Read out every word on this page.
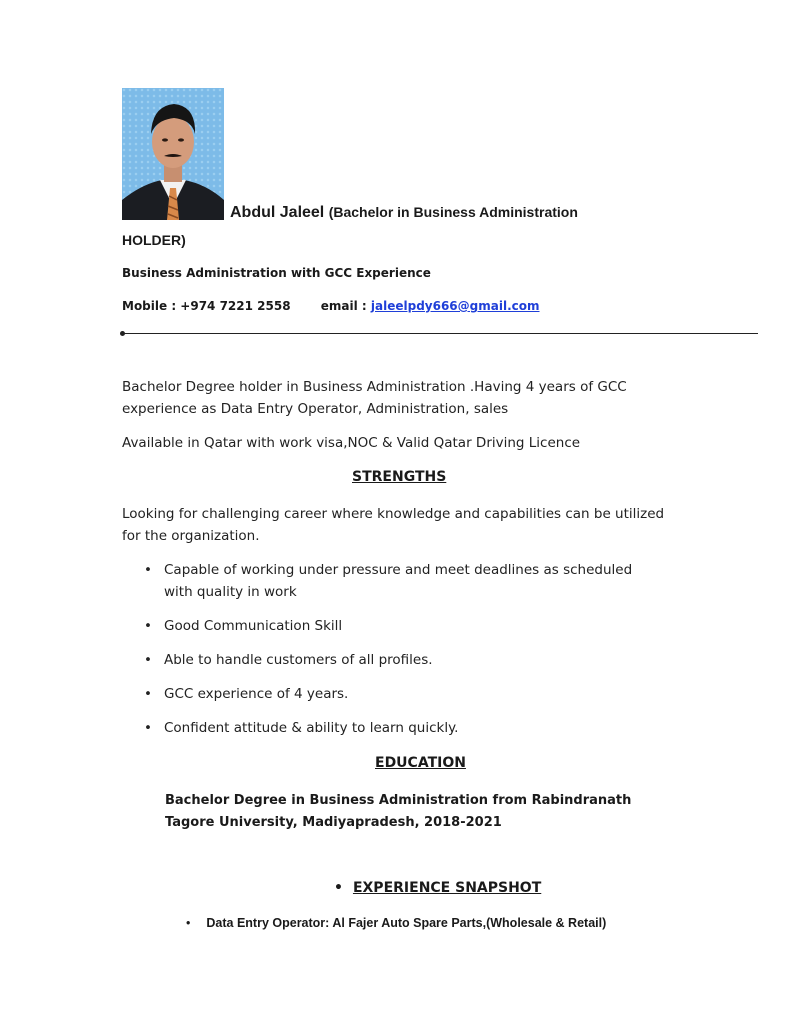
Abdul Jaleel (Bachelor in Business Administration
HOLDER)
Business Administration with GCC Experience
Mobile : +974 7221 2558	email : jaleelpdy666@gmail.com
Bachelor Degree holder in Business Administration .Having 4 years of GCC experience as Data Entry Operator, Administration, sales
Available in Qatar with work visa,NOC & Valid Qatar Driving Licence
STRENGTHS
Looking for challenging career where knowledge and capabilities can be utilized for the organization.
• Capable of working under pressure and meet deadlines as scheduled with quality in work
• Good Communication Skill
• Able to handle customers of all profiles.
• GCC experience of 4 years.
• Confident attitude & ability to learn quickly.
EDUCATION
Bachelor Degree in Business Administration from Rabindranath Tagore University, Madiyapradesh, 2018-2021
• EXPERIENCE SNAPSHOT
• Data Entry Operator: Al Fajer Auto Spare Parts,(Wholesale & Retail)
